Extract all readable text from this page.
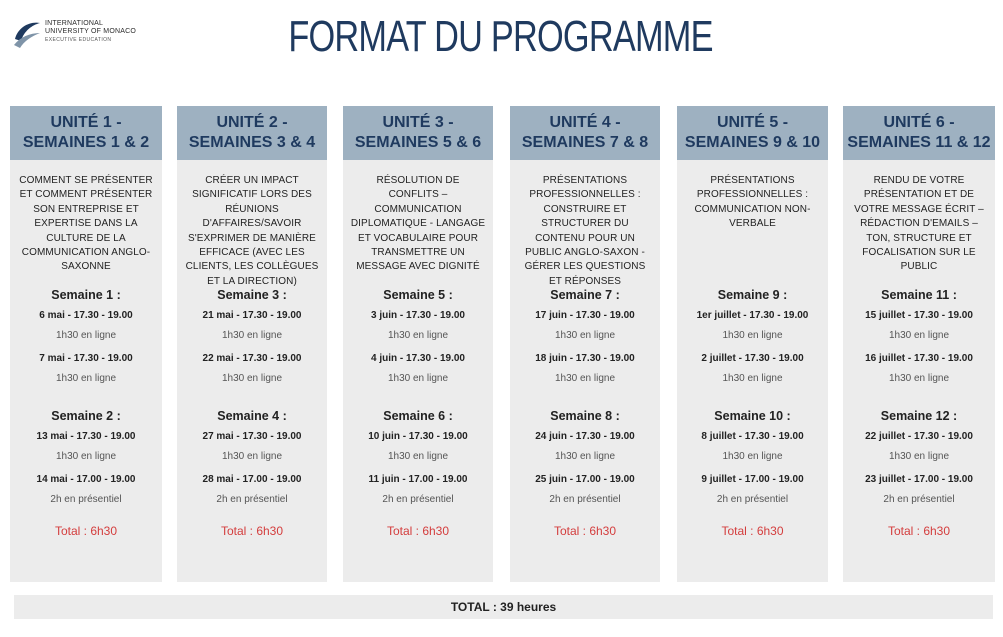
INTERNATIONAL
UNIVERSITY OF MONACO
EXECUTIVE EDUCATION	FORMAT DU PROGRAMME
UNITÉ 1 -
SEMAINES 1 & 2
COMMENT SE PRÉSENTER ET COMMENT PRÉSENTER SON ENTREPRISE ET EXPERTISE DANS LA CULTURE DE LA COMMUNICATION ANGLO-SAXONNE
Semaine 1 :
6 mai - 17.30 - 19.00
1h30 en ligne
7 mai - 17.30 - 19.00
1h30 en ligne
Semaine 2 :
13 mai - 17.30 - 19.00
1h30 en ligne
14 mai - 17.00 - 19.00
2h en présentiel
Total : 6h30
UNITÉ 2 -
SEMAINES 3 & 4
CRÉER UN IMPACT SIGNIFICATIF LORS DES RÉUNIONS D'AFFAIRES/SAVOIR S'EXPRIMER DE MANIÈRE EFFICACE (AVEC LES CLIENTS, LES COLLÈGUES ET LA DIRECTION)
Semaine 3 :
21 mai - 17.30 - 19.00
1h30 en ligne
22 mai - 17.30 - 19.00
1h30 en ligne
Semaine 4 :
27 mai - 17.30 - 19.00
1h30 en ligne
28 mai - 17.00 - 19.00
2h en présentiel
Total : 6h30
UNITÉ 3 -
SEMAINES 5 & 6
RÉSOLUTION DE CONFLITS – COMMUNICATION DIPLOMATIQUE - LANGAGE ET VOCABULAIRE POUR TRANSMETTRE UN MESSAGE AVEC DIGNITÉ
Semaine 5 :
3 juin - 17.30 - 19.00
1h30 en ligne
4 juin - 17.30 - 19.00
1h30 en ligne
Semaine 6 :
10 juin - 17.30 - 19.00
1h30 en ligne
11 juin - 17.00 - 19.00
2h en présentiel
Total : 6h30
UNITÉ 4 -
SEMAINES 7 & 8
PRÉSENTATIONS PROFESSIONNELLES : CONSTRUIRE ET STRUCTURER DU CONTENU POUR UN PUBLIC ANGLO-SAXON - GÉRER LES QUESTIONS ET RÉPONSES
Semaine 7 :
17 juin - 17.30 - 19.00
1h30 en ligne
18 juin - 17.30 - 19.00
1h30 en ligne
Semaine 8 :
24 juin - 17.30 - 19.00
1h30 en ligne
25 juin - 17.00 - 19.00
2h en présentiel
Total : 6h30
UNITÉ 5 -
SEMAINES 9 & 10
PRÉSENTATIONS PROFESSIONNELLES : COMMUNICATION NON-VERBALE
Semaine 9 :
1er juillet - 17.30 - 19.00
1h30 en ligne
2 juillet - 17.30 - 19.00
1h30 en ligne
Semaine 10 :
8 juillet - 17.30 - 19.00
1h30 en ligne
9 juillet - 17.00 - 19.00
2h en présentiel
Total : 6h30
UNITÉ 6 -
SEMAINES 11 & 12
RENDU DE VOTRE PRÉSENTATION ET DE VOTRE MESSAGE ÉCRIT – RÉDACTION D'EMAILS – TON, STRUCTURE ET FOCALISATION SUR LE PUBLIC
Semaine 11 :
15 juillet - 17.30 - 19.00
1h30 en ligne
16 juillet - 17.30 - 19.00
1h30 en ligne
Semaine 12 :
22 juillet - 17.30 - 19.00
1h30 en ligne
23 juillet - 17.00 - 19.00
2h en présentiel
Total : 6h30
TOTAL : 39 heures
